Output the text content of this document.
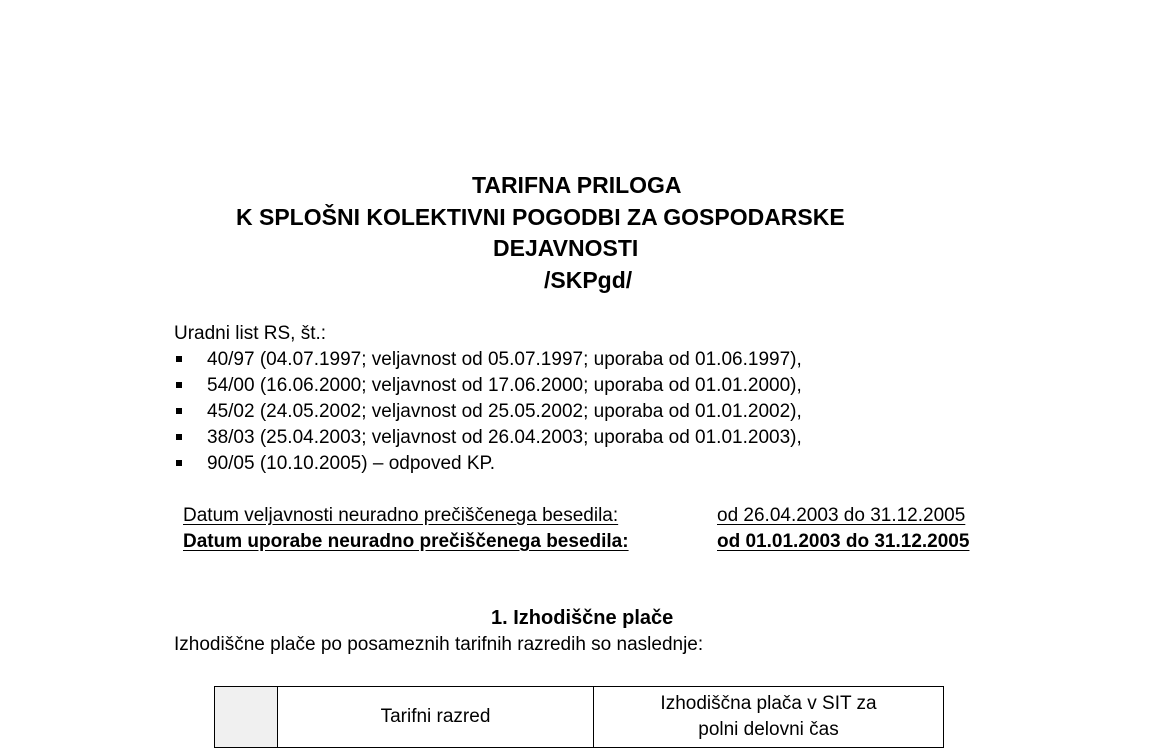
TARIFNA PRILOGA
K SPLOŠNI KOLEKTIVNI POGODBI ZA GOSPODARSKE
DEJAVNOSTI
/SKPgd/
Uradni list RS, št.:
40/97 (04.07.1997; veljavnost od 05.07.1997; uporaba od 01.06.1997),
54/00 (16.06.2000; veljavnost od 17.06.2000; uporaba od 01.01.2000),
45/02 (24.05.2002; veljavnost od 25.05.2002; uporaba od 01.01.2002),
38/03 (25.04.2003; veljavnost od 26.04.2003; uporaba od 01.01.2003),
90/05 (10.10.2005) – odpoved KP.
Datum veljavnosti neuradno prečiščenega besedila:	od 26.04.2003 do 31.12.2005
Datum uporabe neuradno prečiščenega besedila:	od 01.01.2003 do 31.12.2005
1. Izhodiščne plače
Izhodiščne plače po posameznih tarifnih razredih so naslednje:
	Tarifni razred	Izhodiščna plača v SIT za
polni delovni čas
